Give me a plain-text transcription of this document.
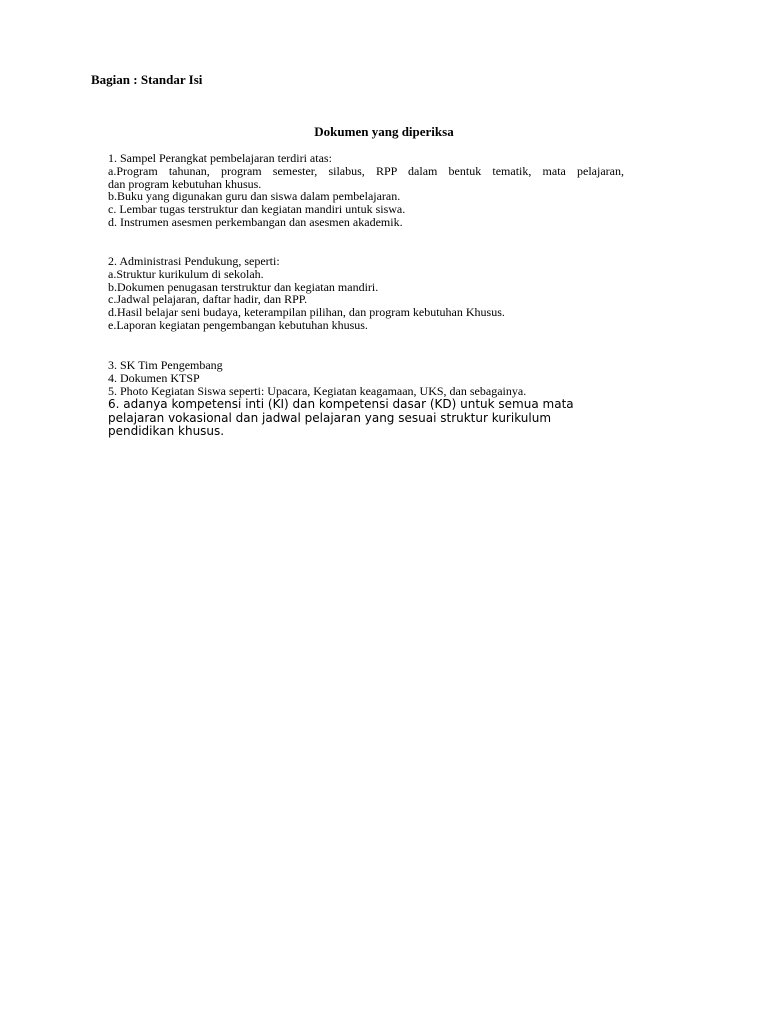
Bagian : Standar Isi
Dokumen yang diperiksa
1. Sampel Perangkat pembelajaran terdiri atas:
a.Program tahunan, program semester, silabus, RPP dalam bentuk tematik, mata pelajaran,
dan program kebutuhan khusus.
b.Buku yang digunakan guru dan siswa dalam pembelajaran.
c. Lembar tugas terstruktur dan kegiatan mandiri untuk siswa.
d. Instrumen asesmen perkembangan dan asesmen akademik.
2. Administrasi Pendukung, seperti:
a.Struktur kurikulum di sekolah.
b.Dokumen penugasan terstruktur dan kegiatan mandiri.
c.Jadwal pelajaran, daftar hadir, dan RPP.
d.Hasil belajar seni budaya, keterampilan pilihan, dan program kebutuhan Khusus.
e.Laporan kegiatan pengembangan kebutuhan khusus.
3. SK Tim Pengembang
4. Dokumen KTSP
5. Photo Kegiatan Siswa seperti: Upacara, Kegiatan keagamaan, UKS, dan sebagainya.
6. adanya kompetensi inti (KI) dan kompetensi dasar (KD) untuk semua mata
pelajaran vokasional dan jadwal pelajaran yang sesuai struktur kurikulum
pendidikan khusus.
